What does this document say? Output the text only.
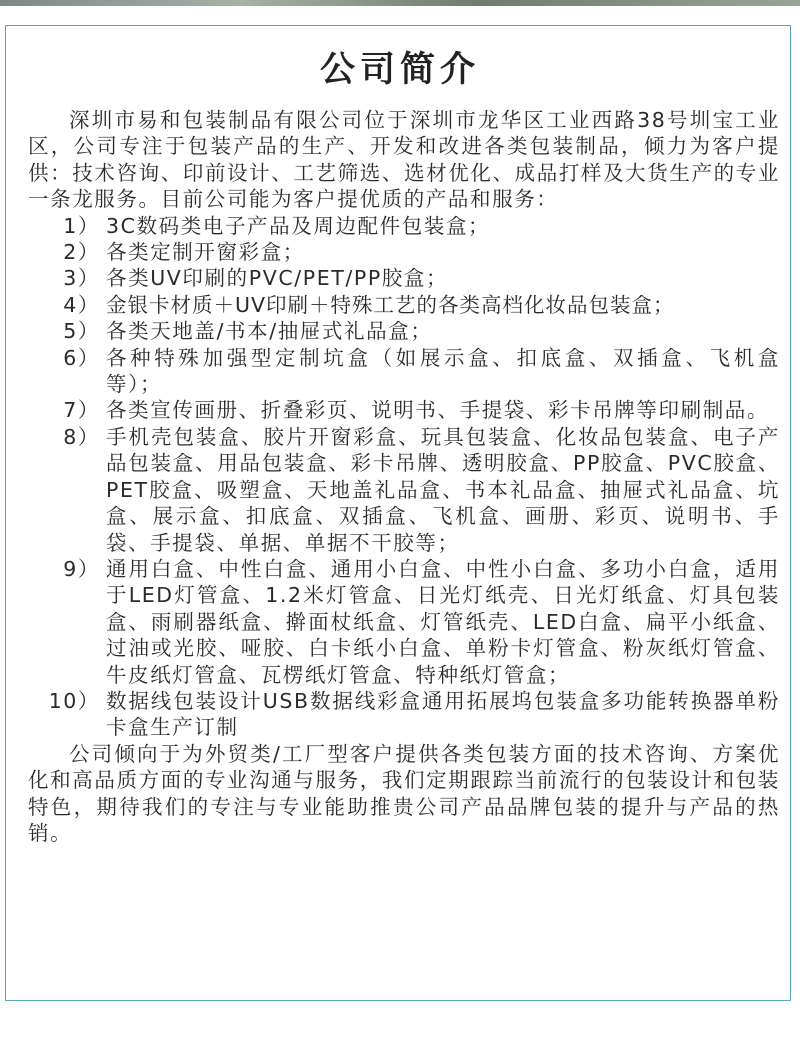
公司简介

深圳市易和包装制品有限公司位于深圳市龙华区工业西路38号圳宝工业区，公司专注于包装产品的生产、开发和改进各类包装制品，倾力为客户提供：技术咨询、印前设计、工艺筛选、选材优化、成品打样及大货生产的专业一条龙服务。目前公司能为客户提优质的产品和服务：

1） 3C数码类电子产品及周边配件包装盒；
2） 各类定制开窗彩盒；
3） 各类UV印刷的PVC/PET/PP胶盒；
4） 金银卡材质＋UV印刷＋特殊工艺的各类高档化妆品包装盒；
5） 各类天地盖/书本/抽屉式礼品盒；
6） 各种特殊加强型定制坑盒（如展示盒、扣底盒、双插盒、飞机盒等）；
7） 各类宣传画册、折叠彩页、说明书、手提袋、彩卡吊牌等印刷制品。
8） 手机壳包装盒、胶片开窗彩盒、玩具包装盒、化妆品包装盒、电子产品包装盒、用品包装盒、彩卡吊牌、透明胶盒、PP胶盒、PVC胶盒、PET胶盒、吸塑盒、天地盖礼品盒、书本礼品盒、抽屉式礼品盒、坑盒、展示盒、扣底盒、双插盒、飞机盒、画册、彩页、说明书、手袋、手提袋、单据、单据不干胶等；
9） 通用白盒、中性白盒、通用小白盒、中性小白盒、多功小白盒，适用于LED灯管盒、1.2米灯管盒、日光灯纸壳、日光灯纸盒、灯具包装盒、雨刷器纸盒、擀面杖纸盒、灯管纸壳、LED白盒、扁平小纸盒、过油或光胶、哑胶、白卡纸小白盒、单粉卡灯管盒、粉灰纸灯管盒、牛皮纸灯管盒、瓦楞纸灯管盒、特种纸灯管盒；
10） 数据线包装设计USB数据线彩盒通用拓展坞包装盒多功能转换器单粉卡盒生产订制

公司倾向于为外贸类/工厂型客户提供各类包装方面的技术咨询、方案优化和高品质方面的专业沟通与服务，我们定期跟踪当前流行的包装设计和包装特色，期待我们的专注与专业能助推贵公司产品品牌包装的提升与产品的热销。
